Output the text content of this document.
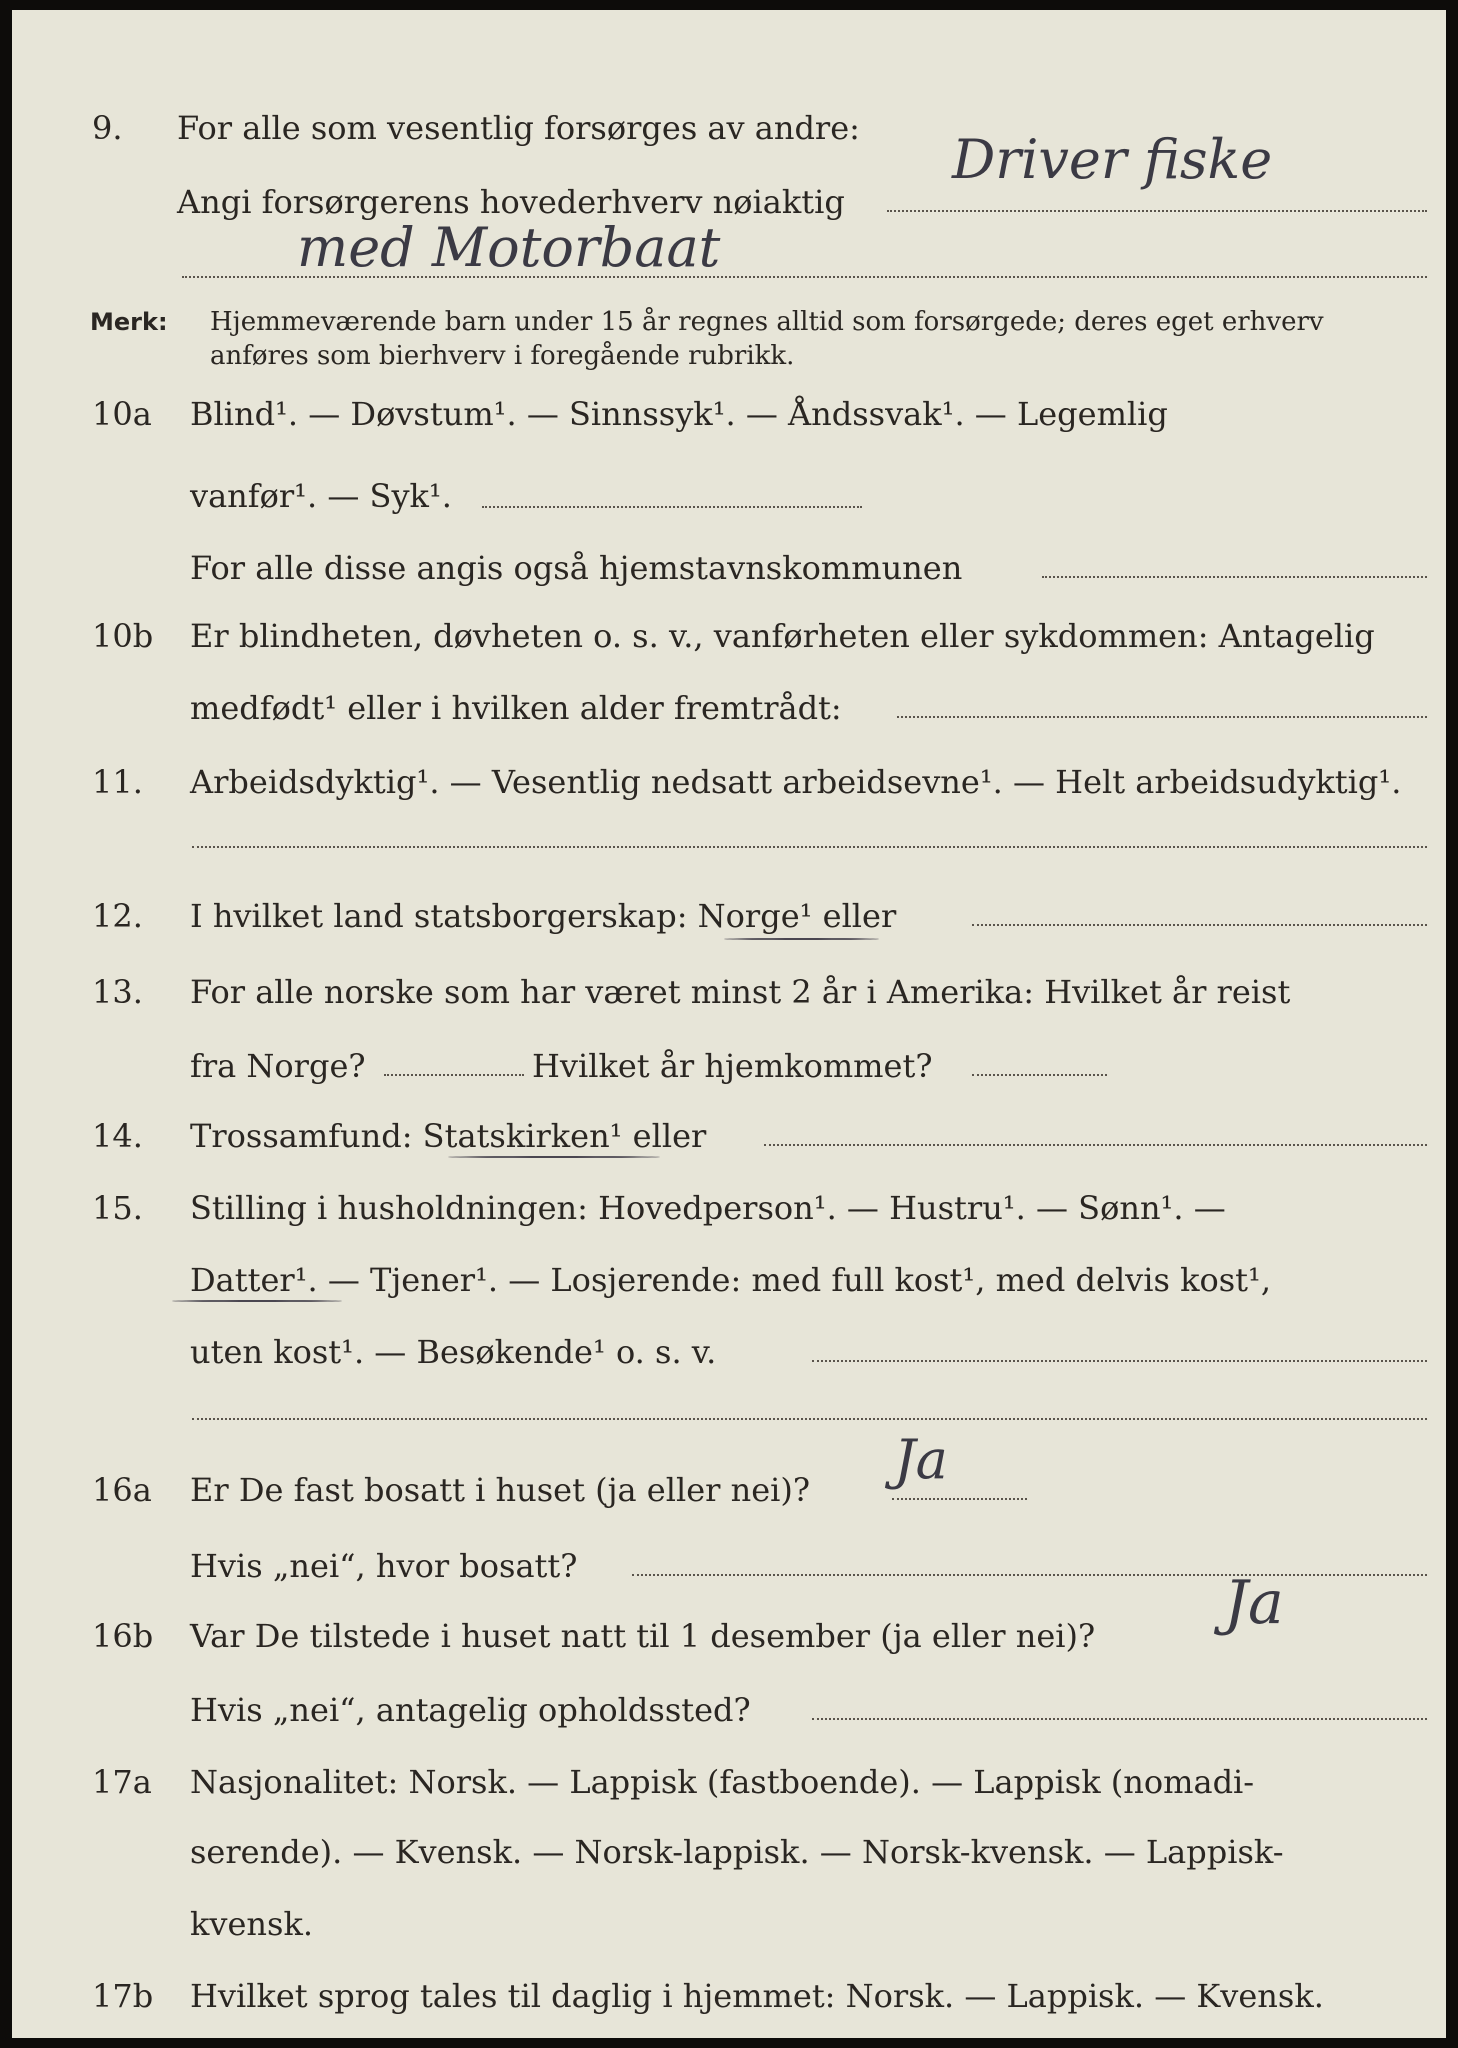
9. For alle som vesentlig forsørges av andre:
Angi forsørgerens hovederhverv nøiaktig
Driver fiske
med Motorbaat
Merk: Hjemmeværende barn under 15 år regnes alltid som forsørgede; deres eget erhverv
anføres som bierhverv i foregående rubrikk.
10a Blind¹. — Døvstum¹. — Sinnssyk¹. — Åndssvak¹. — Legemlig
vanfør¹. — Syk¹.
For alle disse angis også hjemstavnskommunen
10b Er blindheten, døvheten o. s. v., vanførheten eller sykdommen: Antagelig
medfødt¹ eller i hvilken alder fremtrådt:
11. Arbeidsdyktig¹. — Vesentlig nedsatt arbeidsevne¹. — Helt arbeidsudyktig¹.
12. I hvilket land statsborgerskap: Norge¹ eller
13. For alle norske som har været minst 2 år i Amerika: Hvilket år reist
fra Norge?	Hvilket år hjemkommet?
14. Trossamfund: Statskirken¹ eller
15. Stilling i husholdningen: Hovedperson¹. — Hustru¹. — Sønn¹. —
Datter¹. — Tjener¹. — Losjerende: med full kost¹, med delvis kost¹,
uten kost¹. — Besøkende¹ o. s. v.
16a Er De fast bosatt i huset (ja eller nei)? Ja
Hvis „nei“, hvor bosatt?
16b Var De tilstede i huset natt til 1 desember (ja eller nei)? Ja
Hvis „nei“, antagelig opholdssted?
17a Nasjonalitet: Norsk. — Lappisk (fastboende). — Lappisk (nomadi-
serende). — Kvensk. — Norsk-lappisk. — Norsk-kvensk. — Lappisk-
kvensk.
17b Hvilket sprog tales til daglig i hjemmet: Norsk. — Lappisk. — Kvensk.
